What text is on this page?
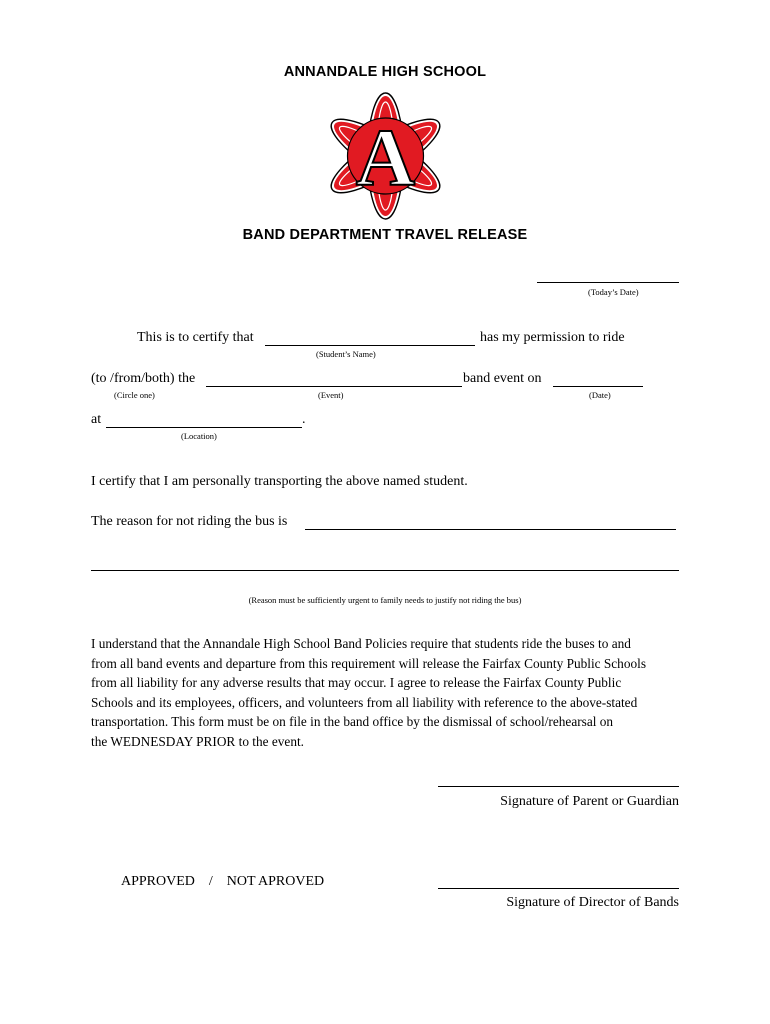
ANNANDALE HIGH SCHOOL
A
BAND DEPARTMENT TRAVEL RELEASE
(Today’s Date)
This is to certify that	has my permission to ride
(Student’s Name)
(to /from/both) the	band event on
(Circle one)	(Event)	(Date)
at	.
(Location)
I certify that I am personally transporting the above named student.
The reason for not riding the bus is
(Reason must be sufficiently urgent to family needs to justify not riding the bus)
I understand that the Annandale High School Band Policies require that students ride the buses to and
from all band events and departure from this requirement will release the Fairfax County Public Schools
from all liability for any adverse results that may occur. I agree to release the Fairfax County Public
Schools and its employees, officers, and volunteers from all liability with reference to the above-stated
transportation. This form must be on file in the band office by the dismissal of school/rehearsal on
the WEDNESDAY PRIOR to the event.
Signature of Parent or Guardian
APPROVED    /    NOT APROVED
Signature of Director of Bands
